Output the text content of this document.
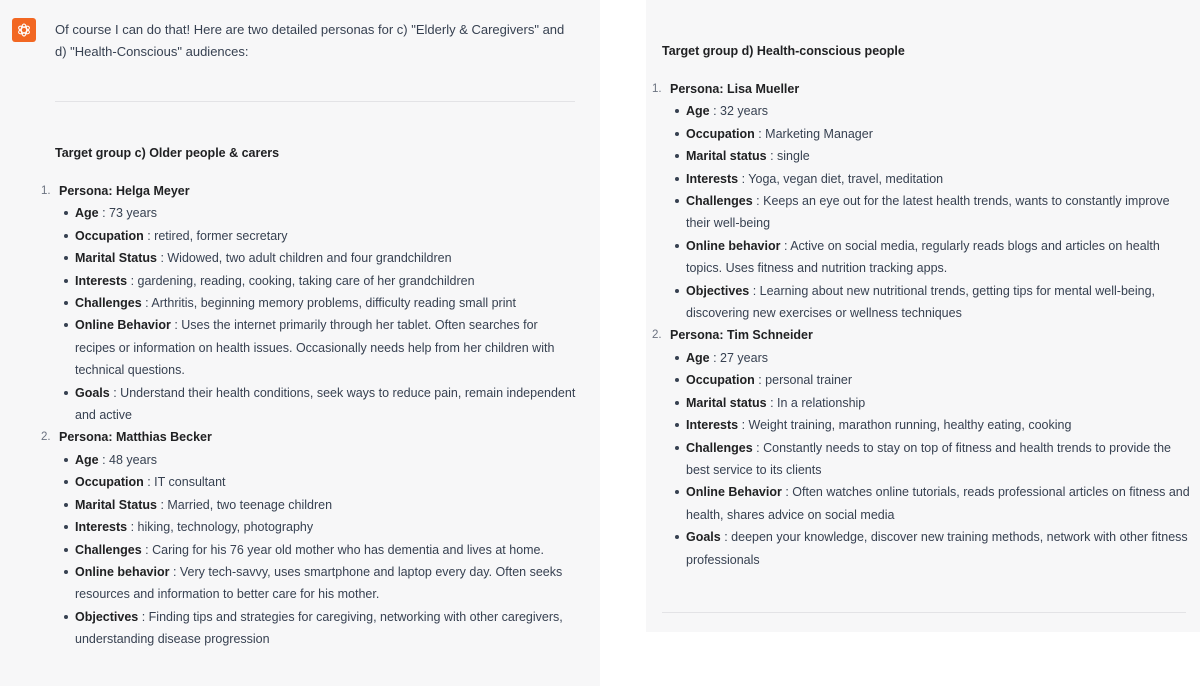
Of course I can do that! Here are two detailed personas for c) "Elderly & Caregivers" and d) "Health-Conscious" audiences:

Target group c) Older people & carers
1. Persona: Helga Meyer
Age : 73 years
Occupation : retired, former secretary
Marital Status : Widowed, two adult children and four grandchildren
Interests : gardening, reading, cooking, taking care of her grandchildren
Challenges : Arthritis, beginning memory problems, difficulty reading small print
Online Behavior : Uses the internet primarily through her tablet. Often searches for recipes or information on health issues. Occasionally needs help from her children with technical questions.
Goals : Understand their health conditions, seek ways to reduce pain, remain independent and active
2. Persona: Matthias Becker
Age : 48 years
Occupation : IT consultant
Marital Status : Married, two teenage children
Interests : hiking, technology, photography
Challenges : Caring for his 76 year old mother who has dementia and lives at home.
Online behavior : Very tech-savvy, uses smartphone and laptop every day. Often seeks resources and information to better care for his mother.
Objectives : Finding tips and strategies for caregiving, networking with other caregivers, understanding disease progression
Target group d) Health-conscious people
1. Persona: Lisa Mueller
Age : 32 years
Occupation : Marketing Manager
Marital status : single
Interests : Yoga, vegan diet, travel, meditation
Challenges : Keeps an eye out for the latest health trends, wants to constantly improve their well-being
Online behavior : Active on social media, regularly reads blogs and articles on health topics. Uses fitness and nutrition tracking apps.
Objectives : Learning about new nutritional trends, getting tips for mental well-being, discovering new exercises or wellness techniques
2. Persona: Tim Schneider
Age : 27 years
Occupation : personal trainer
Marital status : In a relationship
Interests : Weight training, marathon running, healthy eating, cooking
Challenges : Constantly needs to stay on top of fitness and health trends to provide the best service to its clients
Online Behavior : Often watches online tutorials, reads professional articles on fitness and health, shares advice on social media
Goals : deepen your knowledge, discover new training methods, network with other fitness professionals
